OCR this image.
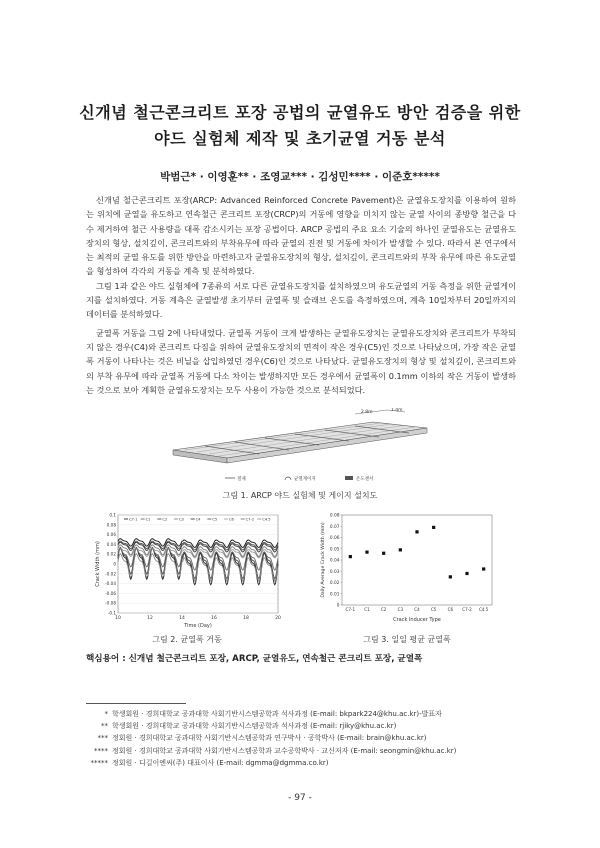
신개념 철근콘크리트 포장 공법의 균열유도 방안 검증을 위한
야드 실험체 제작 및 초기균열 거동 분석
박범근* · 이영훈** · 조영교*** · 김성민**** · 이준호*****

신개념 철근콘크리트 포장(ARCP: Advanced Reinforced Concrete Pavement)은 균열유도장치를 이용하여 원하는 위치에 균열을 유도하고 연속철근 콘크리트 포장(CRCP)의 거동에 영향을 미치지 않는 균열 사이의 종방향 철근을 다수 제거하여 철근 사용량을 대폭 감소시키는 포장 공법이다. ARCP 공법의 주요 요소 기술의 하나인 균열유도는 균열유도장치의 형상, 설치깊이, 콘크리트와의 부착유무에 따라 균열의 진전 및 거동에 차이가 발생할 수 있다. 따라서 본 연구에서는 최적의 균열 유도를 위한 방안을 마련하고자 균열유도장치의 형상, 설치깊이, 콘크리트와의 부착 유무에 따른 유도균열을 형성하여 각각의 거동을 계측 및 분석하였다.

그림 1과 같은 야드 실험체에 7종류의 서로 다른 균열유도장치를 설치하였으며 유도균열의 거동 측정을 위한 균열게이지를 설치하였다. 거동 계측은 균열발생 초기부터 균열폭 및 슬래브 온도를 측정하였으며, 계측 10일차부터 20일까지의 데이터를 분석하였다.

균열폭 거동을 그림 2에 나타내었다. 균열폭 거동이 크게 발생하는 균열유도장치는 균열유도장치와 콘크리트가 부착되지 않은 경우(C4)와 콘크리트 다짐을 위하여 균열유도장치의 면적이 작은 경우(C5)인 것으로 나타났으며, 가장 작은 균열폭 거동이 나타나는 것은 비닐을 삽입하였던 경우(C6)인 것으로 나타났다. 균열유도장치의 형상 및 설치깊이, 콘크리트와의 부착 유무에 따라 균열폭 거동에 다소 차이는 발생하지만 모든 경우에서 균열폭이 0.1mm 이하의 작은 거동이 발생하는 것으로 보아 계획한 균열유도장치는 모두 사용이 가능한 것으로 분석되었다.

2.8m	1.4m
철제	균열게이지	온도센서
그림 1. ARCP 야드 실험체 및 게이지 설치도
0.1
0.08
0.06
0.04
0.02
0
-0.02
-0.04
-0.06
-0.08
-0.1
10	12	14	16	18	20
Time (Day)
Crack Width (mm)
C7-1 C1	C2	C3	C4	C5	C6	C7-2 C4.5
그림 2. 균열폭 거동
0.08
0.07
0.06
0.05
0.04
0.03
0.02
0.01
0
C7-1 C1	C2	C3	C4	C5	C6 C7-2 C4.5
Crack Inducer Type
Daily Average Crack Width (mm)
그림 3. 일일 평균 균열폭
핵심용어 : 신개념 철근콘크리트 포장, ARCP, 균열유도, 연속철근 콘크리트 포장, 균열폭
* 학생회원 · 경희대학교 공과대학 사회기반시스템공학과 석사과정 (E-mail: bkpark224@khu.ac.kr)-발표자
** 학생회원 · 경희대학교 공과대학 사회기반시스템공학과 석사과정 (E-mail: rjiky@khu.ac.kr)
*** 정회원 · 경희대학교 공과대학 사회기반시스템공학과 연구박사 · 공학박사 (E-mail: brain@khu.ac.kr)
**** 정회원 · 경희대학교 공과대학 사회기반시스템공학과 교수공학박사 · 교신저자 (E-mail: seongmin@khu.ac.kr)
***** 정회원 · 디길이엔씨(주) 대표이사 (E-mail: dgmma@dgmma.co.kr)
- 97 -
